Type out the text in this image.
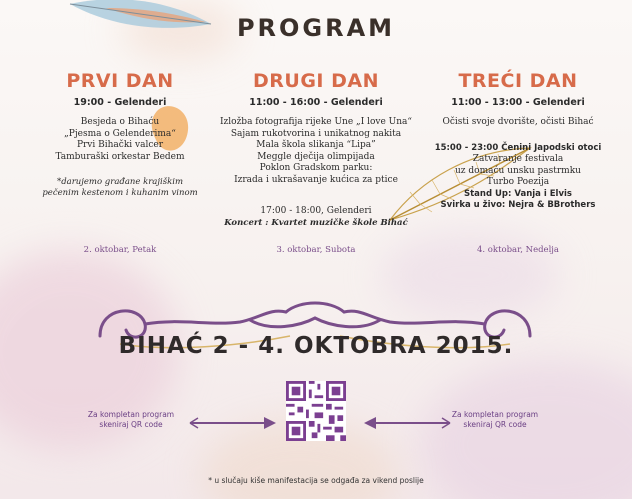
PROGRAM
PRVI DAN
19:00 - Gelenderi

Besjeda o Bihaću

„Pjesma o Gelenderima“

Prvi Bihački valcer

Tamburaški orkestar Bedem

*darujemo građane krajiškim

pečenim kestenom i kuhanim vinom

DRUGI DAN
11:00 - 16:00 - Gelenderi

Izložba fotografija rijeke Une „I love Una“

Sajam rukotvorina i unikatnog nakita

Mala škola slikanja “Lipa”

Meggle dječija olimpijada

Poklon Gradskom parku:

Izrada i ukrašavanje kućica za ptice

17:00 - 18:00, Gelenderi

Koncert : Kvartet muzičke škole Bihać

TREĆI DAN
11:00 - 13:00 - Gelenderi

Očisti svoje dvorište, očisti Bihać

15:00 - 23:00 Čenini Japodski otoci

Zatvaranje festivala

uz domaću unsku pastrmku

Turbo Poezija

Stand Up: Vanja i Elvis

Svirka u živo: Nejra & BBrothers

2. oktobar, Petak	3. oktobar, Subota	4. oktobar, Nedelja
BIHAĆ 2 - 4. OKTOBRA 2015.
Za kompletan program
skeniraj QR code
Za kompletan program
skeniraj QR code
* u slučaju kiše manifestacija se odgađa za vikend poslije
